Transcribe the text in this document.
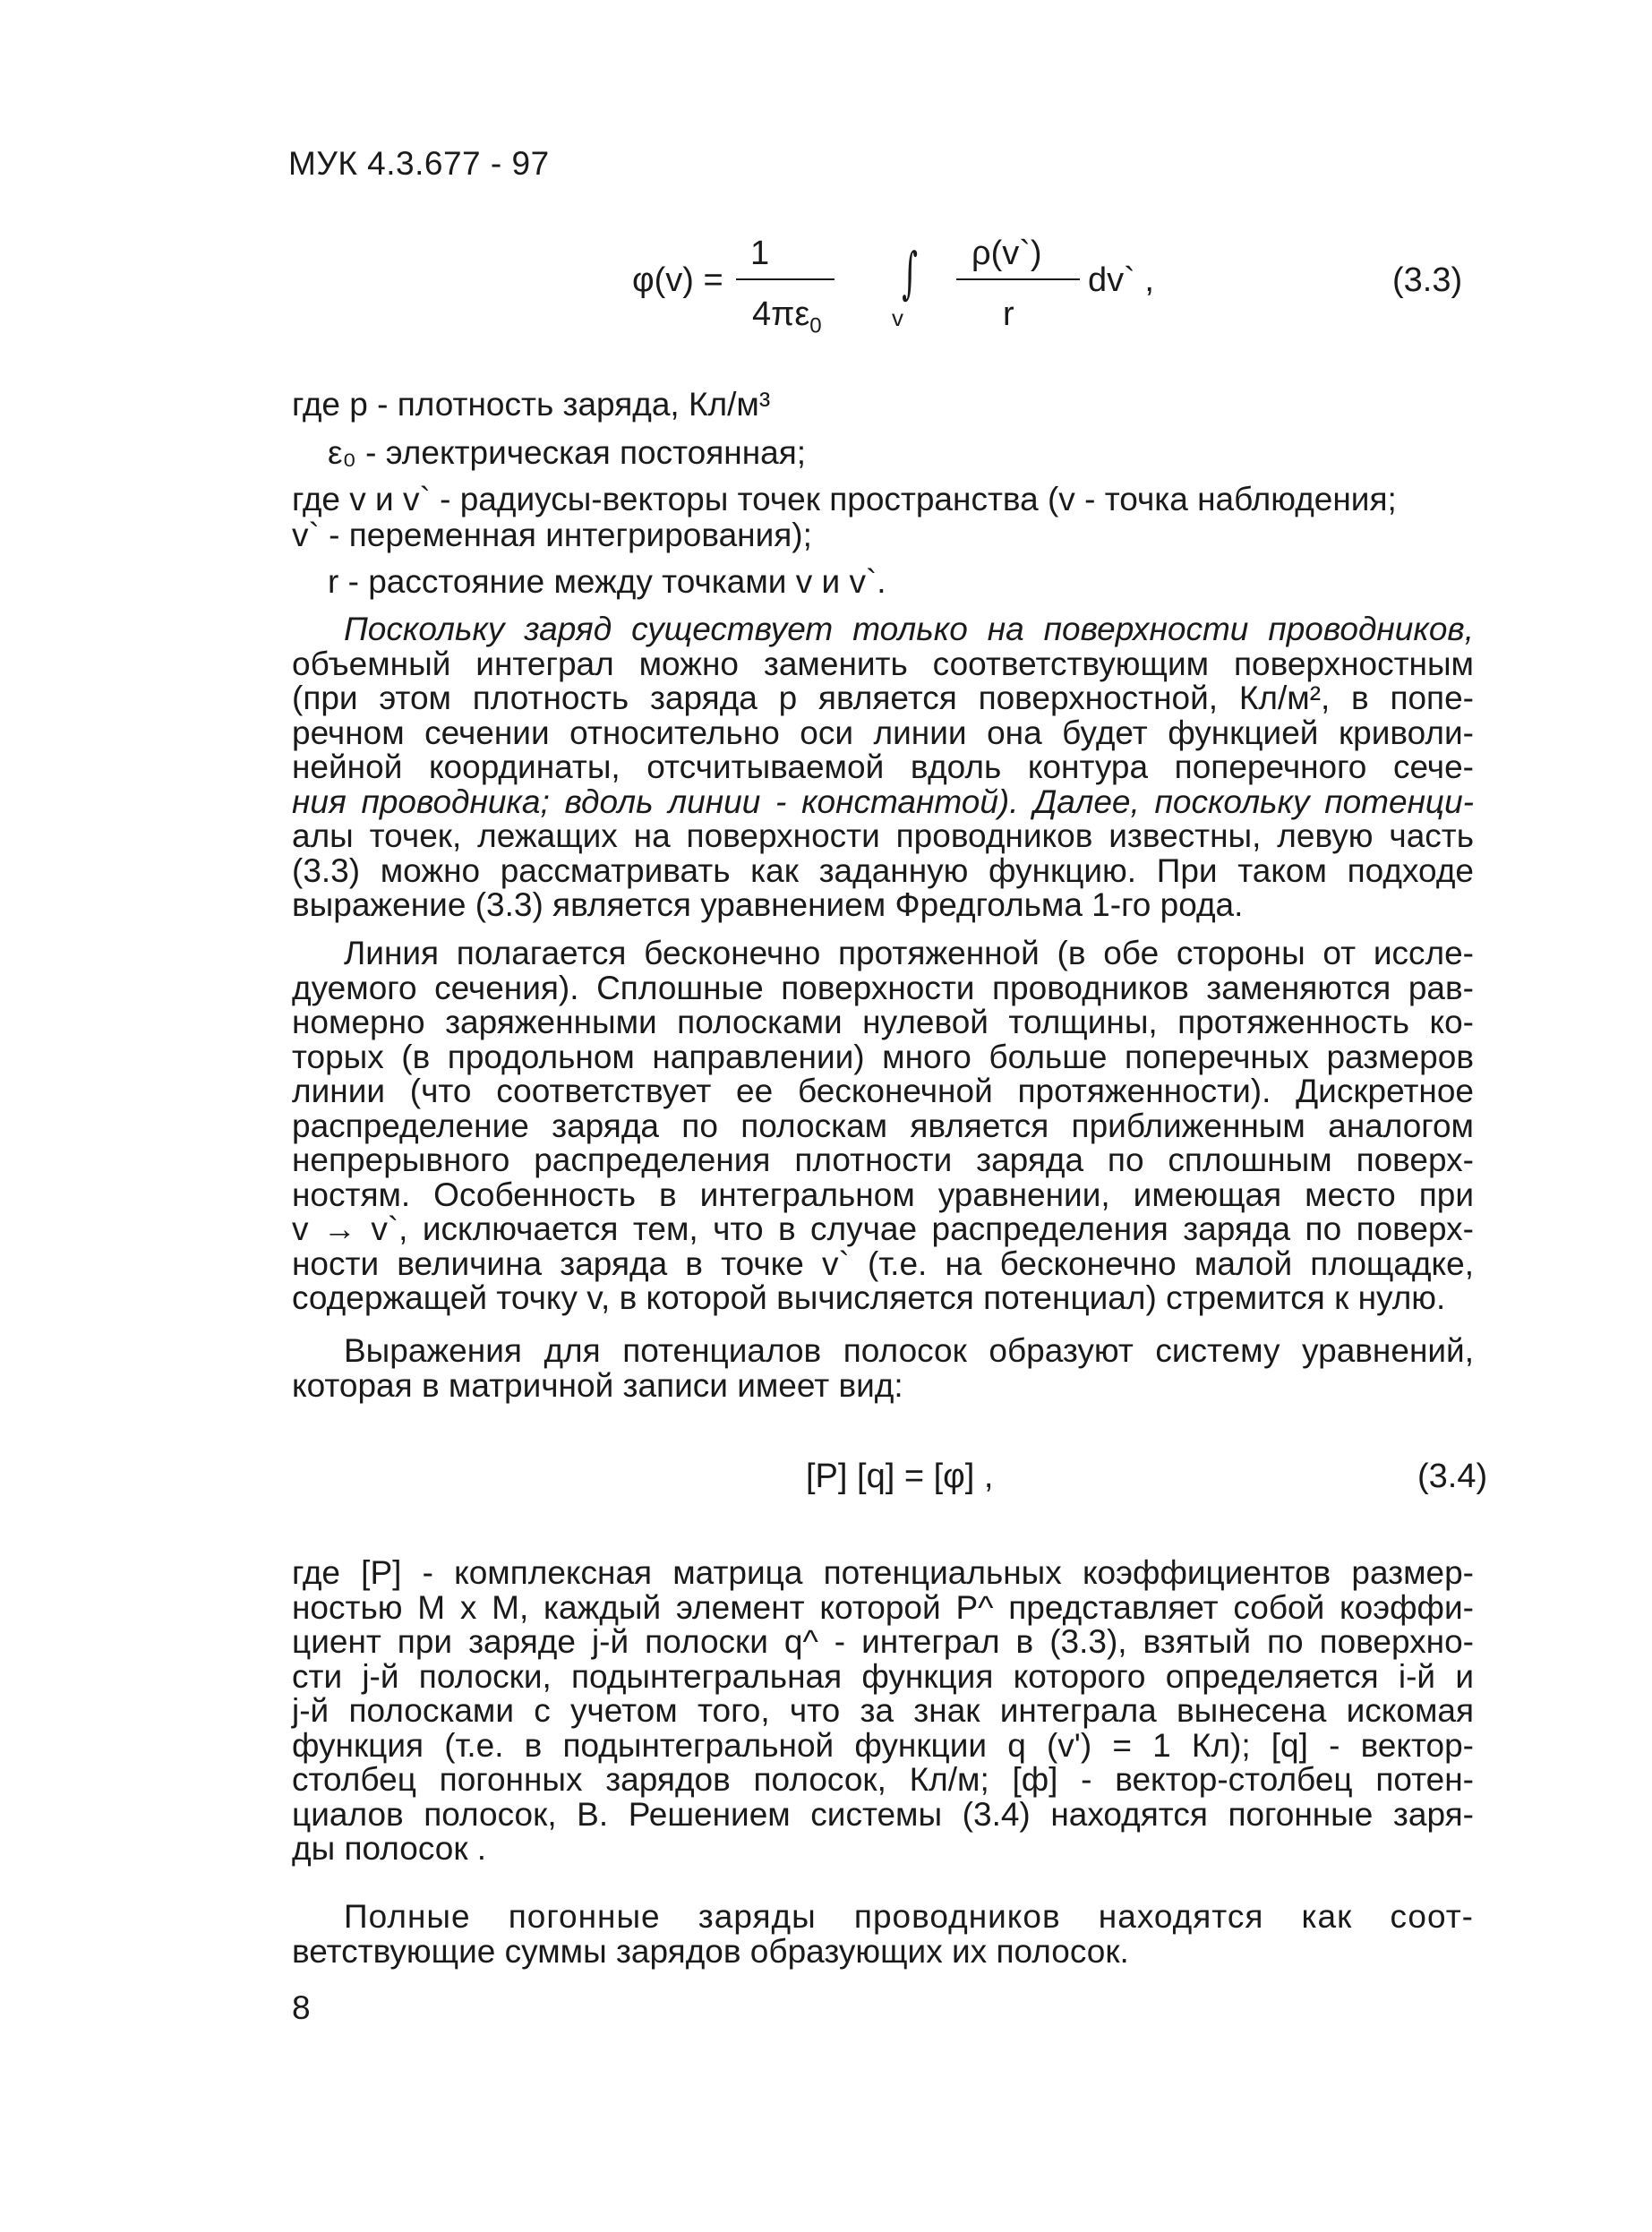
МУК 4.3.677 - 97
φ(v) =
1
$4\pi\varepsilon_0$
∫
v
ρ(v`)
r
dv` ,	(3.3)
где р - плотность заряда, Кл/м³
ε₀ - электрическая постоянная;
где v и v` - радиусы-векторы точек пространства (v - точка наблюдения;
v` - переменная интегрирования);
r - расстояние между точками v и v`.
Поскольку заряд существует только на поверхности проводников,
объемный интеграл можно заменить соответствующим поверхностным
(при этом плотность заряда р является поверхностной, Кл/м², в попе-
речном сечении относительно оси линии она будет функцией криволи-
нейной координаты, отсчитываемой вдоль контура поперечного сече-
ния проводника; вдоль линии - константой). Далее, поскольку потенци-
алы точек, лежащих на поверхности проводников известны, левую часть
(3.3) можно рассматривать как заданную функцию. При таком подходе
выражение (3.3) является уравнением Фредгольма 1-го рода.
Линия полагается бесконечно протяженной (в обе стороны от иссле-
дуемого сечения). Сплошные поверхности проводников заменяются рав-
номерно заряженными полосками нулевой толщины, протяженность ко-
торых (в продольном направлении) много больше поперечных размеров
линии (что соответствует ее бесконечной протяженности). Дискретное
распределение заряда по полоскам является приближенным аналогом
непрерывного распределения плотности заряда по сплошным поверх-
ностям. Особенность в интегральном уравнении, имеющая место при
v → v`, исключается тем, что в случае распределения заряда по поверх-
ности величина заряда в точке v` (т.е. на бесконечно малой площадке,
содержащей точку v, в которой вычисляется потенциал) стремится к нулю.
Выражения для потенциалов полосок образуют систему уравнений,
которая в матричной записи имеет вид:
[P] [q] = [φ] ,	(3.4)
где [P] - комплексная матрица потенциальных коэффициентов размер-
ностью M x M, каждый элемент которой P^ представляет собой коэффи-
циент при заряде j-й полоски q^ - интеграл в (3.3), взятый по поверхно-
сти j-й полоски, подынтегральная функция которого определяется i-й и
j-й полосками с учетом того, что за знак интеграла вынесена искомая
функция (т.е. в подынтегральной функции q (v') = 1 Кл); [q] - вектор-
столбец погонных зарядов полосок, Кл/м; [ф] - вектор-столбец потен-
циалов полосок, В. Решением системы (3.4) находятся погонные заря-
ды полосок .
Полные погонные заряды проводников находятся как соот-
ветствующие суммы зарядов образующих их полосок.
8
